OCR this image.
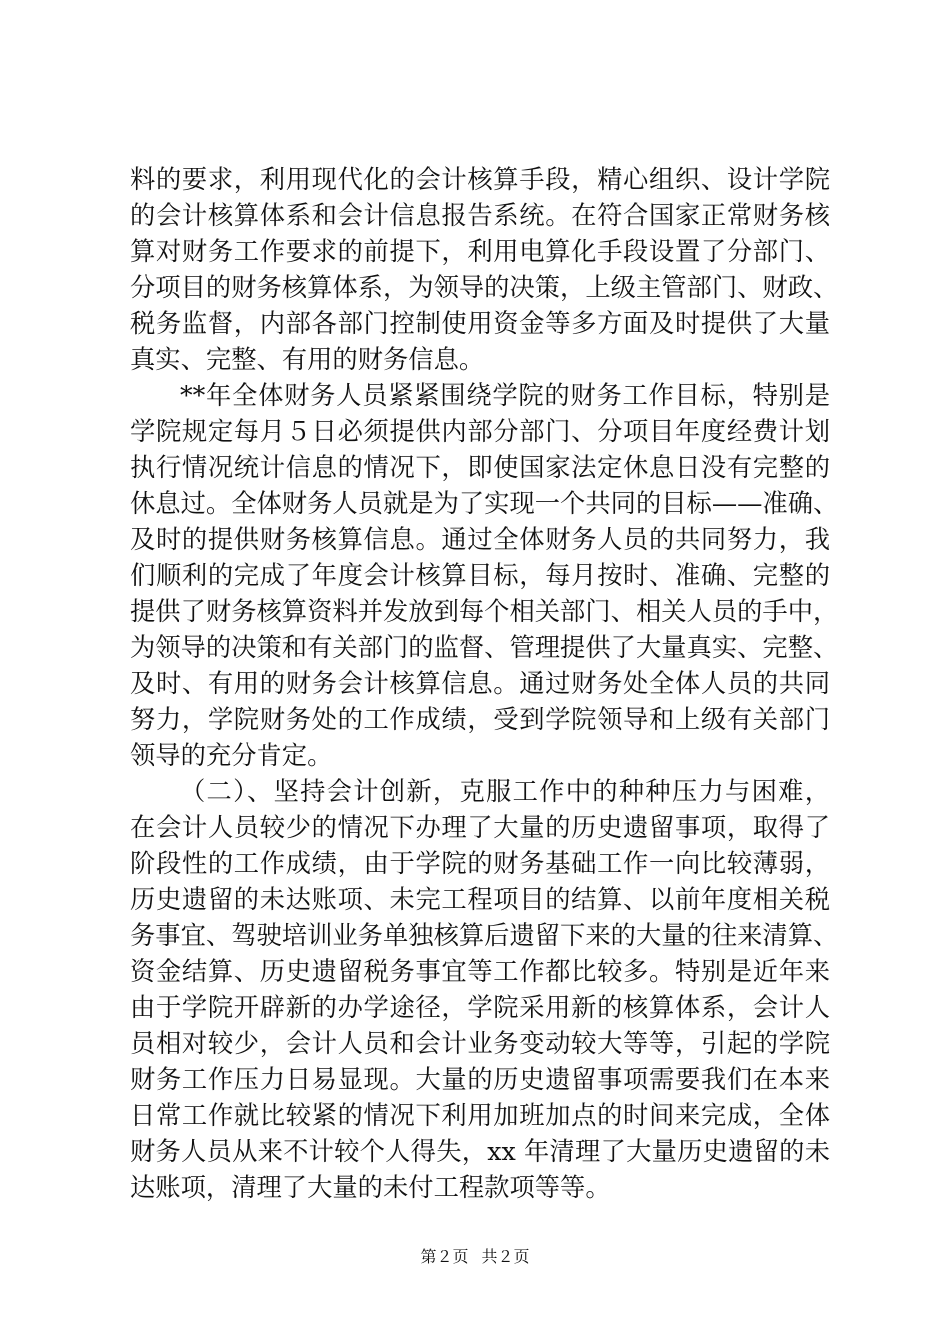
料的要求，利用现代化的会计核算手段，精心组织、设计学院
的会计核算体系和会计信息报告系统。在符合国家正常财务核
算对财务工作要求的前提下，利用电算化手段设置了分部门、
分项目的财务核算体系，为领导的决策，上级主管部门、财政、
税务监督，内部各部门控制使用资金等多方面及时提供了大量
真实、完整、有用的财务信息。
**年全体财务人员紧紧围绕学院的财务工作目标，特别是
学院规定每月５日必须提供内部分部门、分项目年度经费计划
执行情况统计信息的情况下，即使国家法定休息日没有完整的
休息过。全体财务人员就是为了实现一个共同的目标——准确、
及时的提供财务核算信息。通过全体财务人员的共同努力，我
们顺利的完成了年度会计核算目标，每月按时、准确、完整的
提供了财务核算资料并发放到每个相关部门、相关人员的手中，
为领导的决策和有关部门的监督、管理提供了大量真实、完整、
及时、有用的财务会计核算信息。通过财务处全体人员的共同
努力，学院财务处的工作成绩，受到学院领导和上级有关部门
领导的充分肯定。
（二）、坚持会计创新，克服工作中的种种压力与困难，
在会计人员较少的情况下办理了大量的历史遗留事项，取得了
阶段性的工作成绩，由于学院的财务基础工作一向比较薄弱，
历史遗留的未达账项、未完工程项目的结算、以前年度相关税
务事宜、驾驶培训业务单独核算后遗留下来的大量的往来清算、
资金结算、历史遗留税务事宜等工作都比较多。特别是近年来
由于学院开辟新的办学途径，学院采用新的核算体系，会计人
员相对较少，会计人员和会计业务变动较大等等，引起的学院
财务工作压力日易显现。大量的历史遗留事项需要我们在本来
日常工作就比较紧的情况下利用加班加点的时间来完成，全体
财务人员从来不计较个人得失，xx 年清理了大量历史遗留的未
达账项，清理了大量的未付工程款项等等。
第２页 共２页
